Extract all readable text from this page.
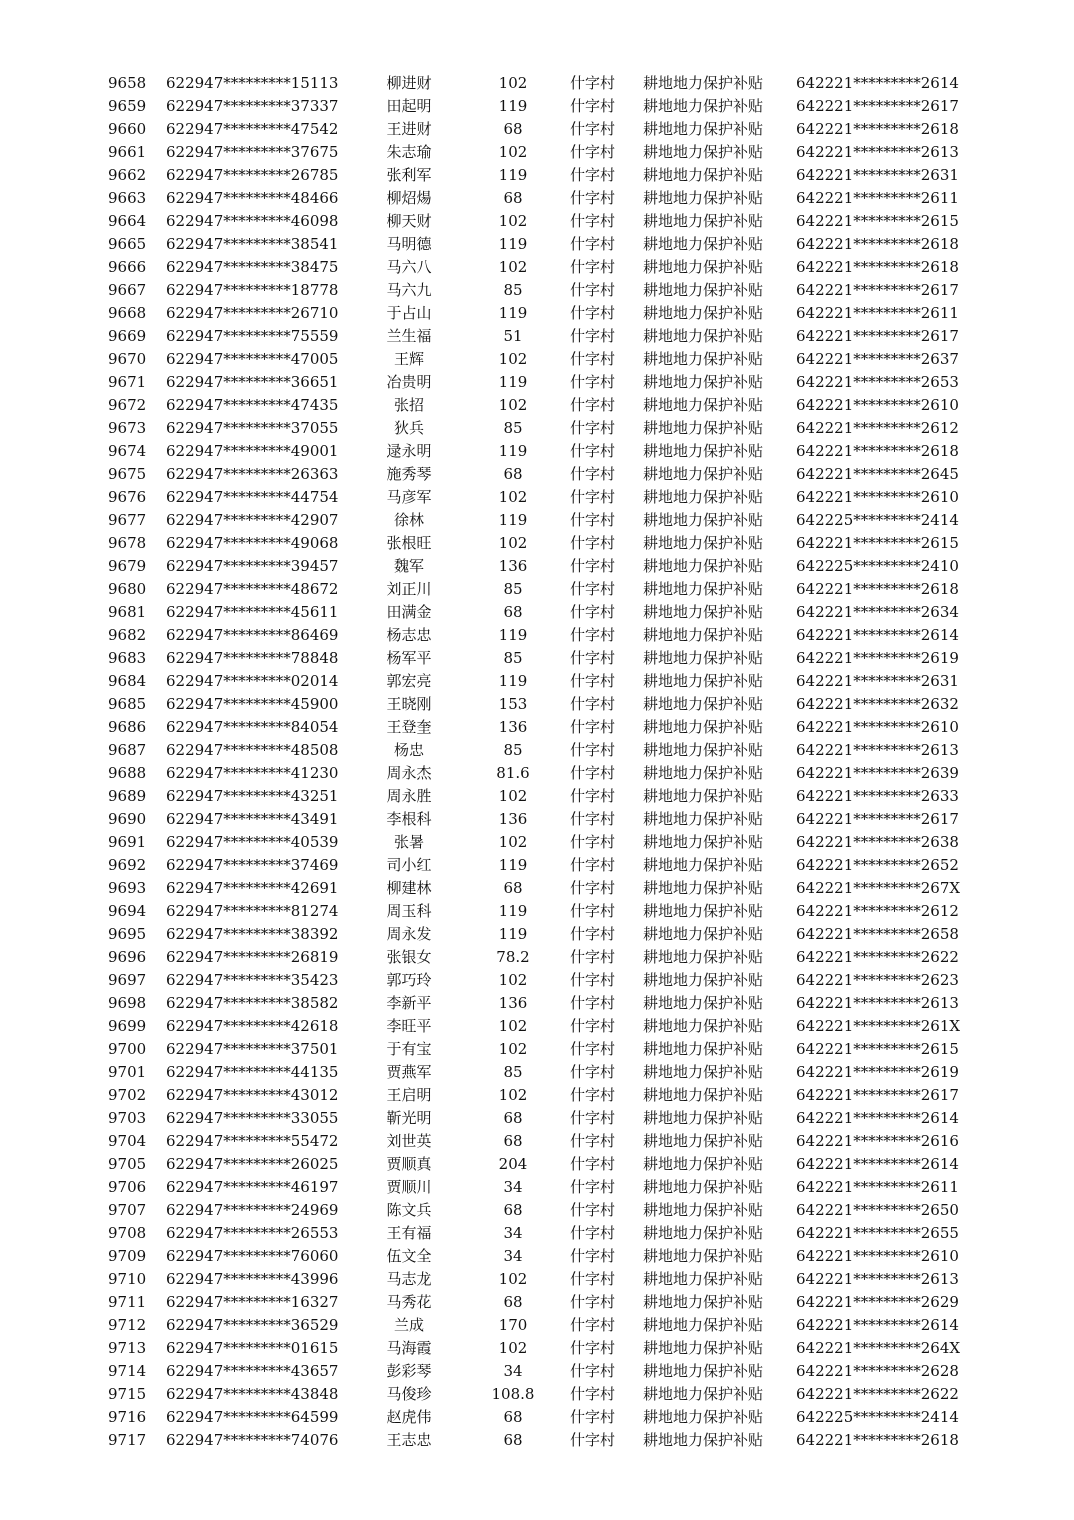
9658 622947*********15113	柳进财	102	什字村	耕地地力保护补贴	642221*********2614
9659 622947*********37337	田起明	119	什字村	耕地地力保护补贴	642221*********2617
9660 622947*********47542	王进财	68	什字村	耕地地力保护补贴	642221*********2618
9661 622947*********37675	朱志瑜	102	什字村	耕地地力保护补贴	642221*********2613
9662 622947*********26785	张利军	119	什字村	耕地地力保护补贴	642221*********2631
9663 622947*********48466	柳炤煬	68	什字村	耕地地力保护补贴	642221*********2611
9664 622947*********46098	柳天财	102	什字村	耕地地力保护补贴	642221*********2615
9665 622947*********38541	马明德	119	什字村	耕地地力保护补贴	642221*********2618
9666 622947*********38475	马六八	102	什字村	耕地地力保护补贴	642221*********2618
9667 622947*********18778	马六九	85	什字村	耕地地力保护补贴	642221*********2617
9668 622947*********26710	于占山	119	什字村	耕地地力保护补贴	642221*********2611
9669 622947*********75559	兰生福	51	什字村	耕地地力保护补贴	642221*********2617
9670 622947*********47005	王辉	102	什字村	耕地地力保护补贴	642221*********2637
9671 622947*********36651	冶贵明	119	什字村	耕地地力保护补贴	642221*********2653
9672 622947*********47435	张招	102	什字村	耕地地力保护补贴	642221*********2610
9673 622947*********37055	狄兵	85	什字村	耕地地力保护补贴	642221*********2612
9674 622947*********49001	逯永明	119	什字村	耕地地力保护补贴	642221*********2618
9675 622947*********26363	施秀琴	68	什字村	耕地地力保护补贴	642221*********2645
9676 622947*********44754	马彦军	102	什字村	耕地地力保护补贴	642221*********2610
9677 622947*********42907	徐林	119	什字村	耕地地力保护补贴	642225*********2414
9678 622947*********49068	张根旺	102	什字村	耕地地力保护补贴	642221*********2615
9679 622947*********39457	魏军	136	什字村	耕地地力保护补贴	642225*********2410
9680 622947*********48672	刘正川	85	什字村	耕地地力保护补贴	642221*********2618
9681 622947*********45611	田满金	68	什字村	耕地地力保护补贴	642221*********2634
9682 622947*********86469	杨志忠	119	什字村	耕地地力保护补贴	642221*********2614
9683 622947*********78848	杨军平	85	什字村	耕地地力保护补贴	642221*********2619
9684 622947*********02014	郭宏亮	119	什字村	耕地地力保护补贴	642221*********2631
9685 622947*********45900	王晓刚	153	什字村	耕地地力保护补贴	642221*********2632
9686 622947*********84054	王登奎	136	什字村	耕地地力保护补贴	642221*********2610
9687 622947*********48508	杨忠	85	什字村	耕地地力保护补贴	642221*********2613
9688 622947*********41230	周永杰	81.6	什字村	耕地地力保护补贴	642221*********2639
9689 622947*********43251	周永胜	102	什字村	耕地地力保护补贴	642221*********2633
9690 622947*********43491	李根科	136	什字村	耕地地力保护补贴	642221*********2617
9691 622947*********40539	张暑	102	什字村	耕地地力保护补贴	642221*********2638
9692 622947*********37469	司小红	119	什字村	耕地地力保护补贴	642221*********2652
9693 622947*********42691	柳建林	68	什字村	耕地地力保护补贴	642221*********267X
9694 622947*********81274	周玉科	119	什字村	耕地地力保护补贴	642221*********2612
9695 622947*********38392	周永发	119	什字村	耕地地力保护补贴	642221*********2658
9696 622947*********26819	张银女	78.2	什字村	耕地地力保护补贴	642221*********2622
9697 622947*********35423	郭巧玲	102	什字村	耕地地力保护补贴	642221*********2623
9698 622947*********38582	李新平	136	什字村	耕地地力保护补贴	642221*********2613
9699 622947*********42618	李旺平	102	什字村	耕地地力保护补贴	642221*********261X
9700 622947*********37501	于有宝	102	什字村	耕地地力保护补贴	642221*********2615
9701 622947*********44135	贾燕军	85	什字村	耕地地力保护补贴	642221*********2619
9702 622947*********43012	王启明	102	什字村	耕地地力保护补贴	642221*********2617
9703 622947*********33055	靳光明	68	什字村	耕地地力保护补贴	642221*********2614
9704 622947*********55472	刘世英	68	什字村	耕地地力保护补贴	642221*********2616
9705 622947*********26025	贾顺真	204	什字村	耕地地力保护补贴	642221*********2614
9706 622947*********46197	贾顺川	34	什字村	耕地地力保护补贴	642221*********2611
9707 622947*********24969	陈文兵	68	什字村	耕地地力保护补贴	642221*********2650
9708 622947*********26553	王有福	34	什字村	耕地地力保护补贴	642221*********2655
9709 622947*********76060	伍文全	34	什字村	耕地地力保护补贴	642221*********2610
9710 622947*********43996	马志龙	102	什字村	耕地地力保护补贴	642221*********2613
9711 622947*********16327	马秀花	68	什字村	耕地地力保护补贴	642221*********2629
9712 622947*********36529	兰成	170	什字村	耕地地力保护补贴	642221*********2614
9713 622947*********01615	马海霞	102	什字村	耕地地力保护补贴	642221*********264X
9714 622947*********43657	彭彩琴	34	什字村	耕地地力保护补贴	642221*********2628
9715 622947*********43848	马俊珍	108.8	什字村	耕地地力保护补贴	642221*********2622
9716 622947*********64599	赵虎伟	68	什字村	耕地地力保护补贴	642225*********2414
9717 622947*********74076	王志忠	68	什字村	耕地地力保护补贴	642221*********2618
